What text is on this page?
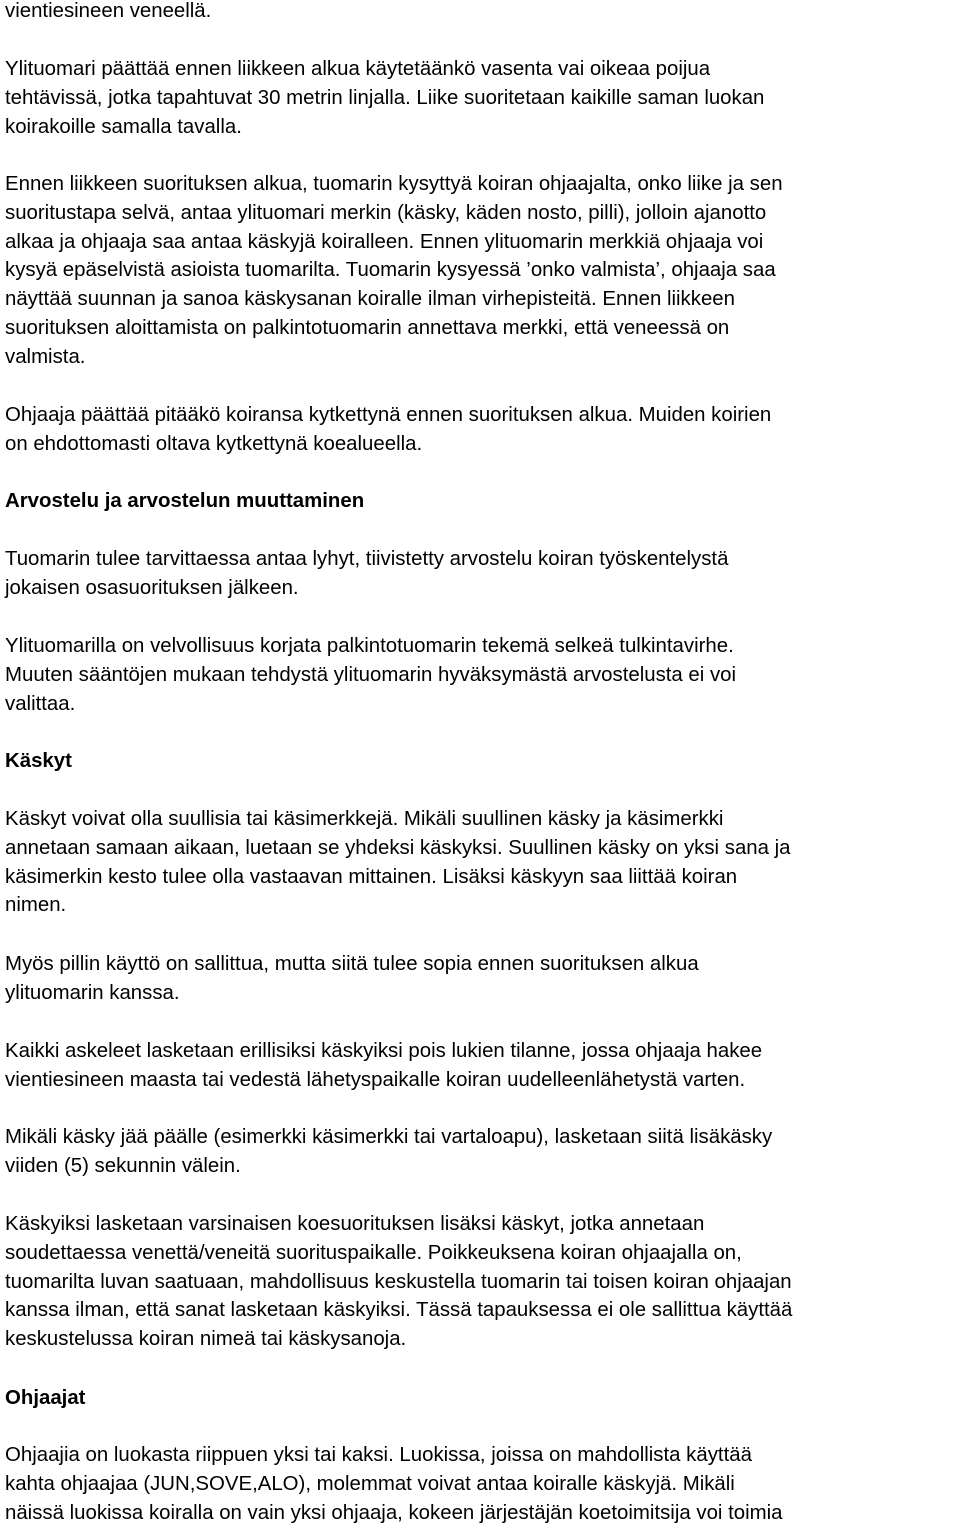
vientiesineen veneellä.
Ylituomari päättää ennen liikkeen alkua käytetäänkö vasenta vai oikeaa poijua
tehtävissä, jotka tapahtuvat 30 metrin linjalla. Liike suoritetaan kaikille saman luokan
koirakoille samalla tavalla.
Ennen liikkeen suorituksen alkua, tuomarin kysyttyä koiran ohjaajalta, onko liike ja sen
suoritustapa selvä, antaa ylituomari merkin (käsky, käden nosto, pilli), jolloin ajanotto
alkaa ja ohjaaja saa antaa käskyjä koiralleen. Ennen ylituomarin merkkiä ohjaaja voi
kysyä epäselvistä asioista tuomarilta. Tuomarin kysyessä ’onko valmista’, ohjaaja saa
näyttää suunnan ja sanoa käskysanan koiralle ilman virhepisteitä. Ennen liikkeen
suorituksen aloittamista on palkintotuomarin annettava merkki, että veneessä on
valmista.
Ohjaaja päättää pitääkö koiransa kytkettynä ennen suorituksen alkua. Muiden koirien
on ehdottomasti oltava kytkettynä koealueella.
Arvostelu ja arvostelun muuttaminen
Tuomarin tulee tarvittaessa antaa lyhyt, tiivistetty arvostelu koiran työskentelystä
jokaisen osasuorituksen jälkeen.
Ylituomarilla on velvollisuus korjata palkintotuomarin tekemä selkeä tulkintavirhe.
Muuten sääntöjen mukaan tehdystä ylituomarin hyväksymästä arvostelusta ei voi
valittaa.
Käskyt
Käskyt voivat olla suullisia tai käsimerkkejä. Mikäli suullinen käsky ja käsimerkki
annetaan samaan aikaan, luetaan se yhdeksi käskyksi. Suullinen käsky on yksi sana ja
käsimerkin kesto tulee olla vastaavan mittainen. Lisäksi käskyyn saa liittää koiran
nimen.
Myös pillin käyttö on sallittua, mutta siitä tulee sopia ennen suorituksen alkua
ylituomarin kanssa.
Kaikki askeleet lasketaan erillisiksi käskyiksi pois lukien tilanne, jossa ohjaaja hakee
vientiesineen maasta tai vedestä lähetyspaikalle koiran uudelleenlähetystä varten.
Mikäli käsky jää päälle (esimerkki käsimerkki tai vartaloapu), lasketaan siitä lisäkäsky
viiden (5) sekunnin välein.
Käskyiksi lasketaan varsinaisen koesuorituksen lisäksi käskyt, jotka annetaan
soudettaessa venettä/veneitä suorituspaikalle. Poikkeuksena koiran ohjaajalla on,
tuomarilta luvan saatuaan, mahdollisuus keskustella tuomarin tai toisen koiran ohjaajan
kanssa ilman, että sanat lasketaan käskyiksi. Tässä tapauksessa ei ole sallittua käyttää
keskustelussa koiran nimeä tai käskysanoja.
Ohjaajat
Ohjaajia on luokasta riippuen yksi tai kaksi. Luokissa, joissa on mahdollista käyttää
kahta ohjaajaa (JUN,SOVE,ALO), molemmat voivat antaa koiralle käskyjä. Mikäli
näissä luokissa koiralla on vain yksi ohjaaja, kokeen järjestäjän koetoimitsija voi toimia
